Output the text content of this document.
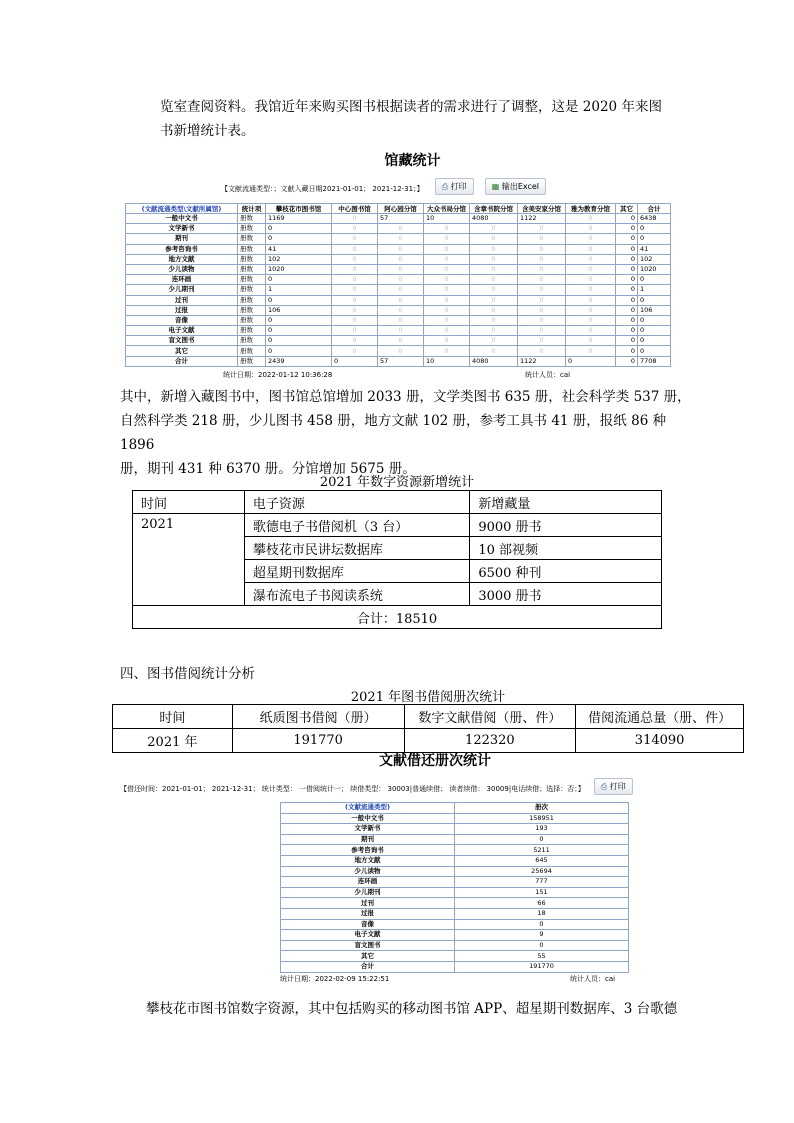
览室查阅资料。我馆近年来购买图书根据读者的需求进行了调整，这是 2020 年来图
书新增统计表。
馆藏统计
【文献流通类型：；文献入藏日期2021-01-01； 2021-12-31；】 ⎙ 打印	▦ 输出Excel
(文献流通类型\文献所属馆)	统计项	攀枝花市图书馆	中心图书馆	阿心园分馆	大众书局分馆	含章书院分馆	含美安家分馆	雅为教育分馆	其它	合计
一般中文书	册数	1169	0	57	10	4080	1122	0	0	6438
文学新书	册数	0	0	0	0	0	0	0	0	0
期刊	册数	0	0	0	0	0	0	0	0	0
参考咨询书	册数	41	0	0	0	0	0	0	0	41
地方文献	册数	102	0	0	0	0	0	0	0	102
少儿读物	册数	1020	0	0	0	0	0	0	0	1020
连环画	册数	0	0	0	0	0	0	0	0	0
少儿期刊	册数	1	0	0	0	0	0	0	0	1
过刊	册数	0	0	0	0	0	0	0	0	0
过报	册数	106	0	0	0	0	0	0	0	106
音像	册数	0	0	0	0	0	0	0	0	0
电子文献	册数	0	0	0	0	0	0	0	0	0
盲文图书	册数	0	0	0	0	0	0	0	0	0
其它	册数	0	0	0	0	0	0	0	0	0
合计	册数	2439	0	57	10	4080	1122	0	0	7708
统计日期：2022-01-12 10:36:28	统计人员：cai
其中，新增入藏图书中，图书馆总馆增加 2033 册，文学类图书 635 册，社会科学类 537 册，
自然科学类 218 册，少儿图书 458 册，地方文献 102 册，参考工具书 41 册，报纸 86 种 1896
册，期刊 431 种 6370 册。分馆增加 5675 册。
2021 年数字资源新增统计
时间	电子资源	新增藏量
2021	歌德电子书借阅机（3 台）	9000 册书
	攀枝花市民讲坛数据库	10 部视频
	超星期刊数据库	6500 种刊
	瀑布流电子书阅读系统	3000 册书
合计：18510		
四、图书借阅统计分析
2021 年图书借阅册次统计
时间	纸质图书借阅（册）	数字文献借阅（册、件）	借阅流通总量（册、件）
2021 年	191770	122320	314090
文献借还册次统计
【借还时间：2021-01-01； 2021-12-31； 统计类型： 一借阅统计一； 续借类型： 30003|普通续借； 读者续借： 30009|电话续借；选择：否；】 ⎙ 打印
(文献流通类型)	册次
一般中文书	158951
文学新书	193
期刊	0
参考咨询书	5211
地方文献	645
少儿读物	25694
连环画	777
少儿期刊	151
过刊	66
过报	18
音像	0
电子文献	9
盲文图书	0
其它	55
合计	191770
统计日期：2022-02-09 15:22:51	统计人员：cai
攀枝花市图书馆数字资源，其中包括购买的移动图书馆 APP、超星期刊数据库、3 台歌德
